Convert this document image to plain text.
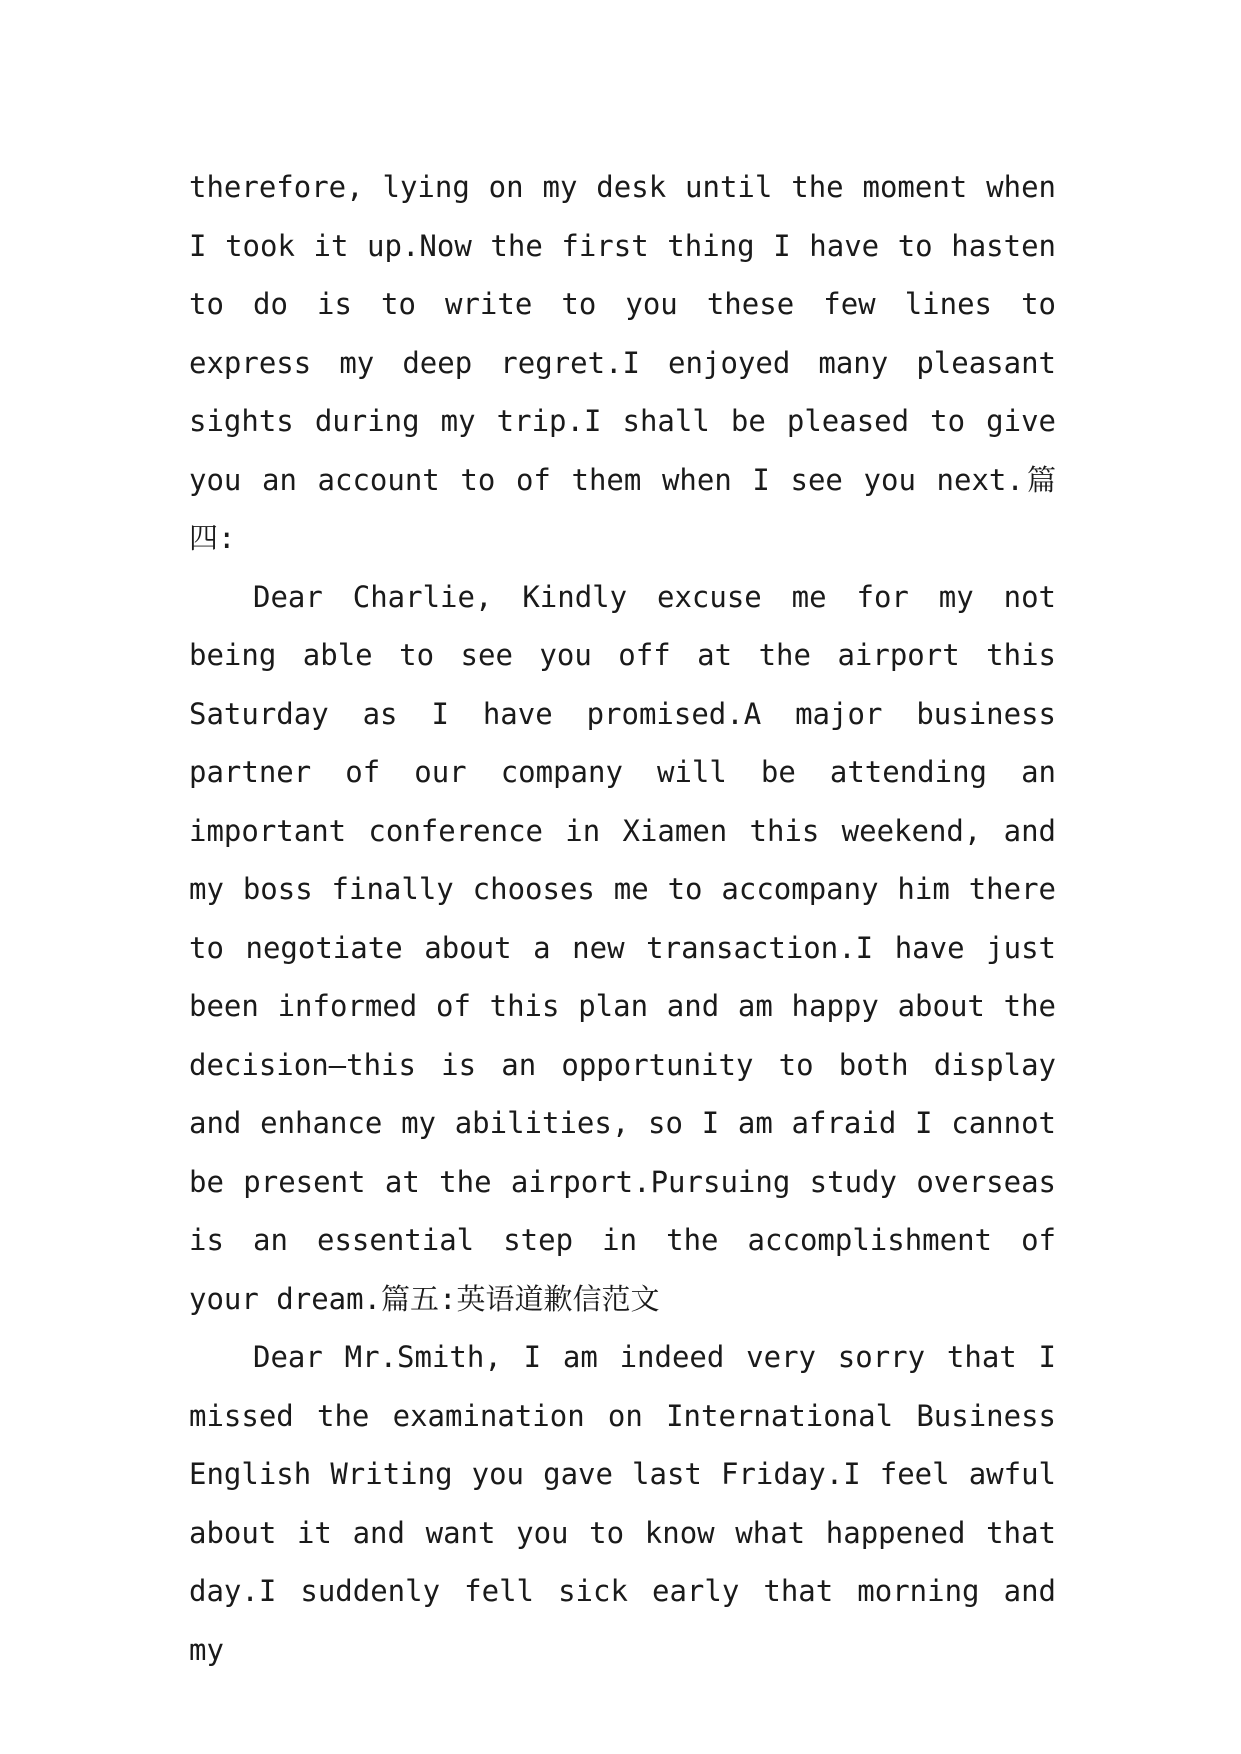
therefore, lying on my desk until the moment when I took it up.Now the first thing I have to hasten to do is to write to you these few lines to express my deep regret.I enjoyed many pleasant sights during my trip.I shall be pleased to give you an account to of them when I see you next.篇四:

Dear Charlie, Kindly excuse me for my not being able to see you off at the airport this Saturday as I have promised.A major business partner of our company will be attending an important conference in Xiamen this weekend, and my boss finally chooses me to accompany him there to negotiate about a new transaction.I have just been informed of this plan and am happy about the decision—this is an opportunity to both display and enhance my abilities, so I am afraid I cannot be present at the airport.Pursuing study overseas is an essential step in the accomplishment of your dream.篇五:英语道歉信范文

Dear Mr.Smith, I am indeed very sorry that I missed the examination on International Business English Writing you gave last Friday.I feel awful about it and want you to know what happened that day.I suddenly fell sick early that morning and my
